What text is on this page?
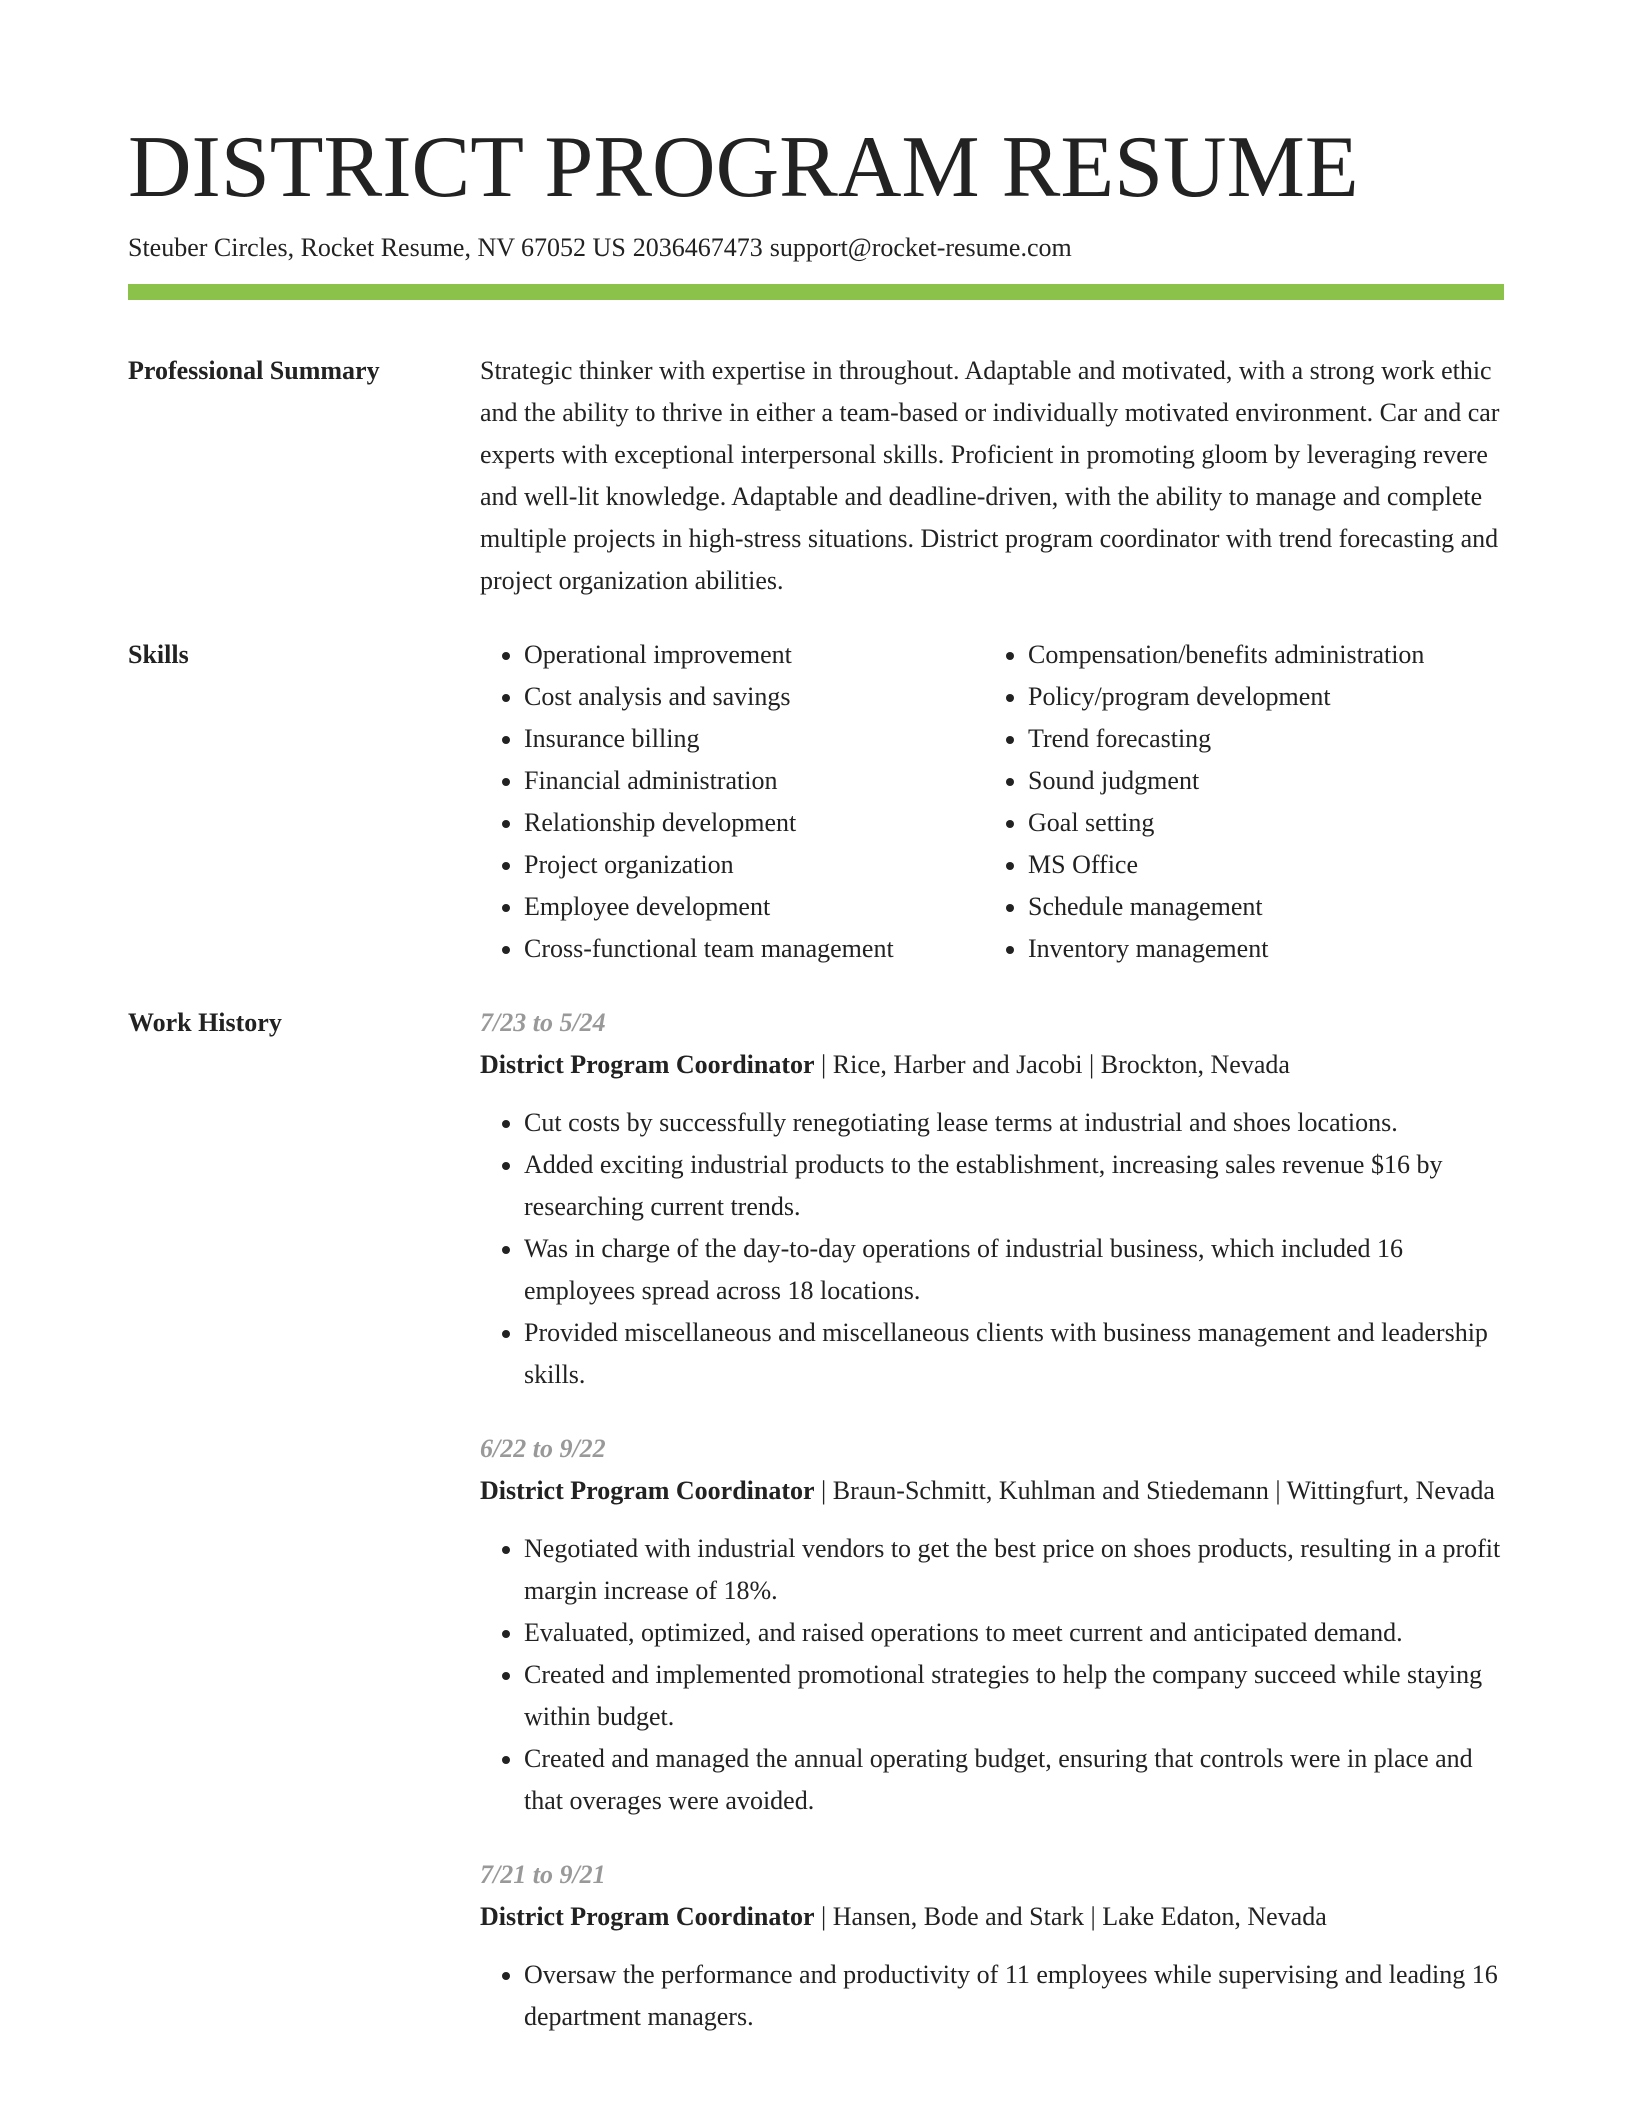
DISTRICT PROGRAM RESUME
Steuber Circles, Rocket Resume, NV 67052 US 2036467473 support@rocket-resume.com
Professional Summary	Strategic thinker with expertise in throughout. Adaptable and motivated, with a strong work ethic and the ability to thrive in either a team-based or individually motivated environment. Car and car experts with exceptional interpersonal skills. Proficient in promoting gloom by leveraging revere and well-lit knowledge. Adaptable and deadline-driven, with the ability to manage and complete multiple projects in high-stress situations. District program coordinator with trend forecasting and project organization abilities.
Skills
•	Operational improvement
• Cost analysis and savings
• Insurance billing
• Financial administration
• Relationship development
• Project organization
• Employee development
• Cross-functional team management
• Compensation/benefits administration
• Policy/program development
• Trend forecasting
• Sound judgment
• Goal setting
• MS Office
• Schedule management
• Inventory management
Work History	7/23 to 5/24
District Program Coordinator | Rice, Harber and Jacobi | Brockton, Nevada
• Cut costs by successfully renegotiating lease terms at industrial and shoes locations.
• Added exciting industrial products to the establishment, increasing sales revenue $16 by researching current trends.
• Was in charge of the day-to-day operations of industrial business, which included 16 employees spread across 18 locations.
• Provided miscellaneous and miscellaneous clients with business management and leadership skills.
6/22 to 9/22
District Program Coordinator | Braun-Schmitt, Kuhlman and Stiedemann | Wittingfurt, Nevada
• Negotiated with industrial vendors to get the best price on shoes products, resulting in a profit margin increase of 18%.
• Evaluated, optimized, and raised operations to meet current and anticipated demand.
• Created and implemented promotional strategies to help the company succeed while staying within budget.
• Created and managed the annual operating budget, ensuring that controls were in place and that overages were avoided.
7/21 to 9/21
District Program Coordinator | Hansen, Bode and Stark | Lake Edaton, Nevada
• Oversaw the performance and productivity of 11 employees while supervising and leading 16 department managers.
